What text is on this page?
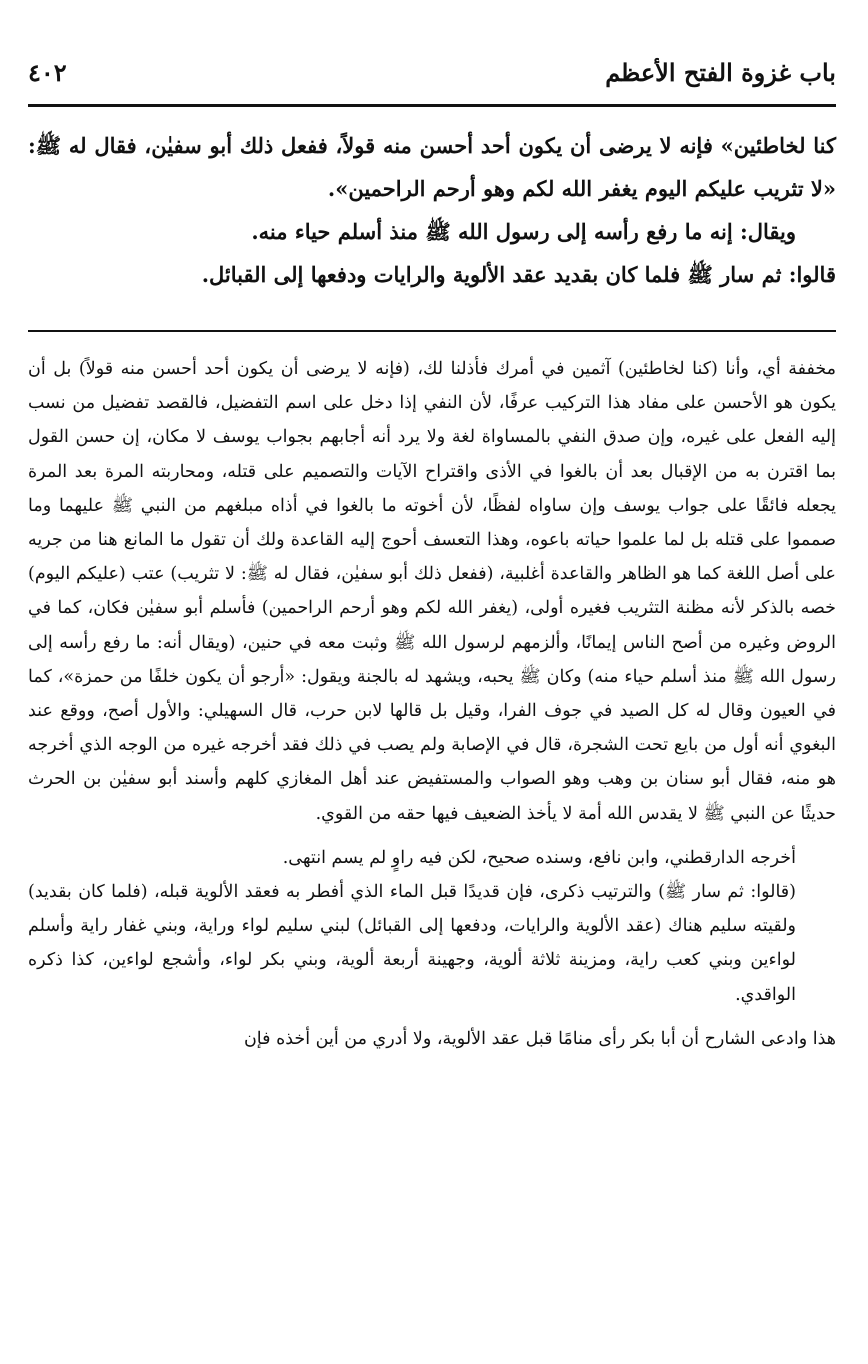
باب غزوة الفتح الأعظم
٤٠٢

كنا لخاطئين» فإنه لا يرضى أن يكون أحد أحسن منه قولاً، ففعل ذلك أبو سفيٰن، فقال له ﷺ: «لا تثريب عليكم اليوم يغفر الله لكم وهو أرحم الراحمين».

ويقال: إنه ما رفع رأسه إلى رسول الله ﷺ منذ أسلم حياء منه.

قالوا: ثم سار ﷺ فلما كان بقديد عقد الألوية والرايات ودفعها إلى القبائل.

مخففة أي، وأنا (كنا لخاطئين) آثمين في أمرك فأذلنا لك، (فإنه لا يرضى أن يكون أحد أحسن منه قولاً) بل أن يكون هو الأحسن على مفاد هذا التركيب عرفًا، لأن النفي إذا دخل على اسم التفضيل، فالقصد تفضيل من نسب إليه الفعل على غيره، وإن صدق النفي بالمساواة لغة ولا يرد أنه أجابهم بجواب يوسف لا مكان، إن حسن القول بما اقترن به من الإقبال بعد أن بالغوا في الأذى واقتراح الآيات والتصميم على قتله، ومحاربته المرة بعد المرة يجعله فائقًا على جواب يوسف وإن ساواه لفظًا، لأن أخوته ما بالغوا في أذاه مبلغهم من النبي ﷺ عليهما وما صمموا على قتله بل لما علموا حياته باعوه، وهذا التعسف أحوج إليه القاعدة ولك أن تقول ما المانع هنا من جريه على أصل اللغة كما هو الظاهر والقاعدة أغلبية، (ففعل ذلك أبو سفيٰن، فقال له ﷺ: لا تثريب) عتب (عليكم اليوم) خصه بالذكر لأنه مظنة التثريب فغيره أولى، (يغفر الله لكم وهو أرحم الراحمين) فأسلم أبو سفيٰن فكان، كما في الروض وغيره من أصح الناس إيمانًا، وألزمهم لرسول الله ﷺ وثبت معه في حنين، (ويقال أنه: ما رفع رأسه إلى رسول الله ﷺ منذ أسلم حياء منه) وكان ﷺ يحبه، ويشهد له بالجنة ويقول: «أرجو أن يكون خلفًا من حمزة»، كما في العيون وقال له كل الصيد في جوف الفرا، وقيل بل قالها لابن حرب، قال السهيلي: والأول أصح، ووقع عند البغوي أنه أول من بايع تحت الشجرة، قال في الإصابة ولم يصب في ذلك فقد أخرجه غيره من الوجه الذي أخرجه هو منه، فقال أبو سنان بن وهب وهو الصواب والمستفيض عند أهل المغازي كلهم وأسند أبو سفيٰن بن الحرث حديثًا عن النبي ﷺ لا يقدس الله أمة لا يأخذ الضعيف فيها حقه من القوي.

أخرجه الدارقطني، وابن نافع، وسنده صحيح، لكن فيه راوٍ لم يسم انتهى.

(قالوا: ثم سار ﷺ) والترتيب ذكرى، فإن قديدًا قبل الماء الذي أفطر به فعقد الألوية قبله، (فلما كان بقديد) ولقيته سليم هناك (عقد الألوية والرايات، ودفعها إلى القبائل) لبني سليم لواء وراية، وبني غفار راية وأسلم لواءين وبني كعب راية، ومزينة ثلاثة ألوية، وجهينة أربعة ألوية، وبني بكر لواء، وأشجع لواءين، كذا ذكره الواقدي.

هذا وادعى الشارح أن أبا بكر رأى منامًا قبل عقد الألوية، ولا أدري من أين أخذه فإن
